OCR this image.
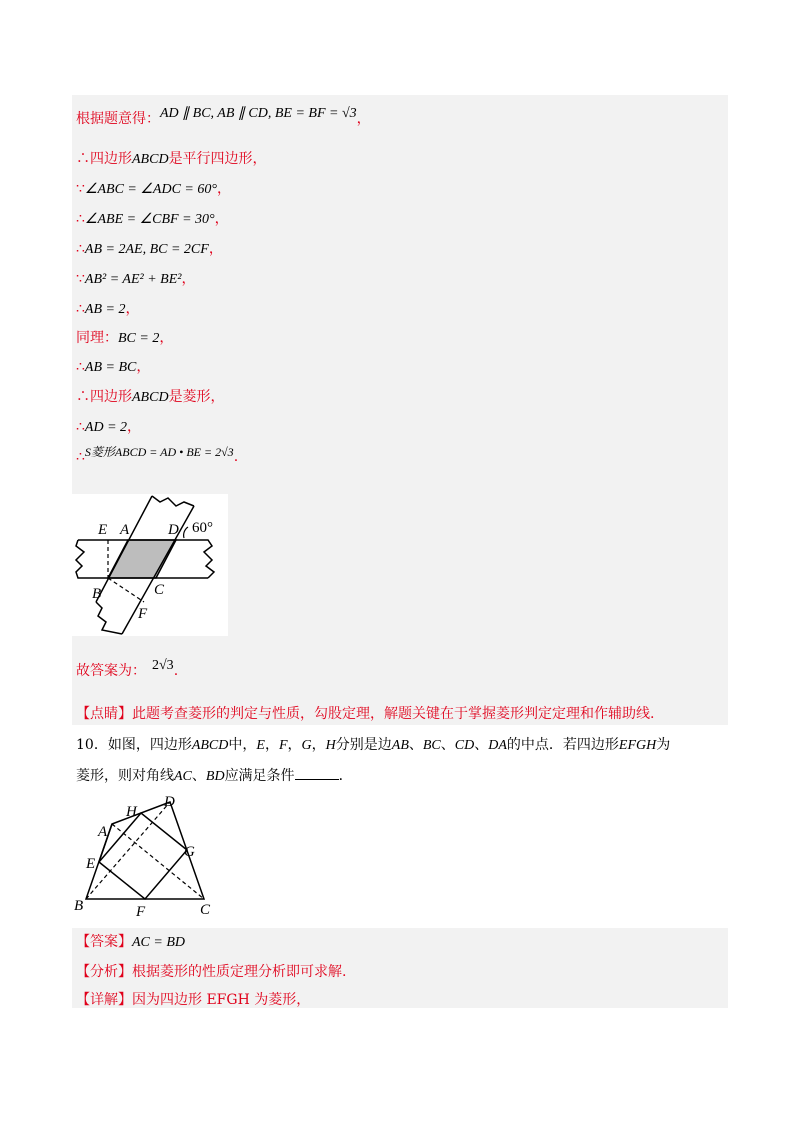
根据题意得：AD ∥ BC, AB ∥ CD, BE = BF = √3，
∴四边形ABCD是平行四边形，
∵∠ABC = ∠ADC = 60°，
∴∠ABE = ∠CBF = 30°，
∴AB = 2AE, BC = 2CF，
∵AB² = AE² + BE²，
∴AB = 2，
同理：BC = 2，
∴AB = BC，
∴四边形ABCD是菱形，
∴AD = 2，
∴S菱形ABCD = AD • BE = 2√3.
E A	D 60°
B	C
F
故答案为： 2√3.
【点睛】此题考查菱形的判定与性质，勾股定理，解题关键在于掌握菱形判定定理和作辅助线.
10．如图，四边形ABCD中，E，F，G，H分别是边AB、BC、CD、DA的中点．若四边形EFGH为
菱形，则对角线AC、BD应满足条件	．
D
H
A
G
E
B	F	C
【答案】AC = BD
【分析】根据菱形的性质定理分析即可求解.
【详解】因为四边形 EFGH 为菱形，
